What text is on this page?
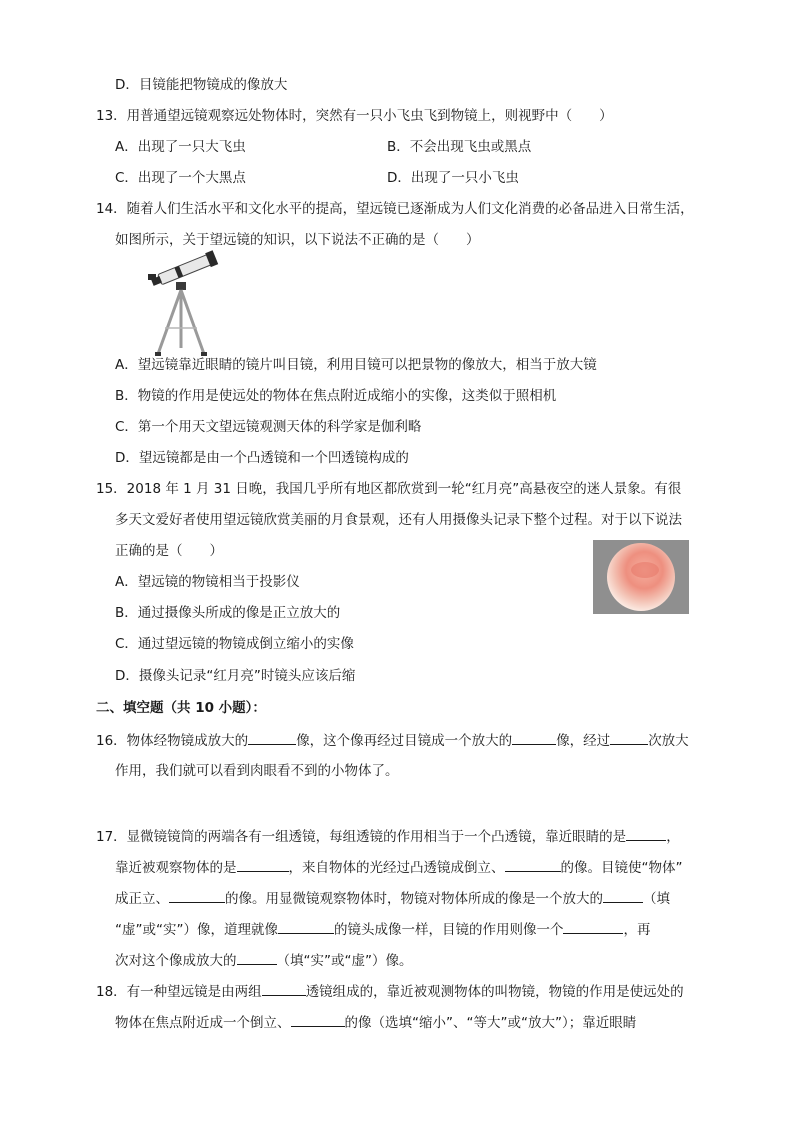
D．目镜能把物镜成的像放大
13．用普通望远镜观察远处物体时，突然有一只小飞虫飞到物镜上，则视野中（　　）
A．出现了一只大飞虫	B．不会出现飞虫或黑点
C．出现了一个大黑点	D．出现了一只小飞虫
14．随着人们生活水平和文化水平的提高，望远镜已逐渐成为人们文化消费的必备品进入日常生活，
如图所示，关于望远镜的知识，以下说法不正确的是（　　）
A．望远镜靠近眼睛的镜片叫目镜，利用目镜可以把景物的像放大，相当于放大镜
B．物镜的作用是使远处的物体在焦点附近成缩小的实像，这类似于照相机
C．第一个用天文望远镜观测天体的科学家是伽利略
D．望远镜都是由一个凸透镜和一个凹透镜构成的
15．2018 年 1 月 31 日晚，我国几乎所有地区都欣赏到一轮“红月亮”高悬夜空的迷人景象。有很
多天文爱好者使用望远镜欣赏美丽的月食景观，还有人用摄像头记录下整个过程。对于以下说法
正确的是（　　）
A．望远镜的物镜相当于投影仪
B．通过摄像头所成的像是正立放大的
C．通过望远镜的物镜成倒立缩小的实像
D．摄像头记录“红月亮”时镜头应该后缩
二、填空题（共 10 小题）：
16．物体经物镜成放大的	像，这个像再经过目镜成一个放大的	像，经过	次放大
作用，我们就可以看到肉眼看不到的小物体了。
17．显微镜镜筒的两端各有一组透镜，每组透镜的作用相当于一个凸透镜，靠近眼睛的是	，
靠近被观察物体的是	，来自物体的光经过凸透镜成倒立、	的像。目镜使“物体”
成正立、	的像。用显微镜观察物体时，物镜对物体所成的像是一个放大的	（填
“虚”或“实”）像，道理就像	的镜头成像一样，目镜的作用则像一个	，再
次对这个像成放大的	（填“实”或“虚”）像。
18．有一种望远镜是由两组	透镜组成的，靠近被观测物体的叫物镜，物镜的作用是使远处的
物体在焦点附近成一个倒立、	的像（选填“缩小”、“等大”或“放大”）；靠近眼睛
